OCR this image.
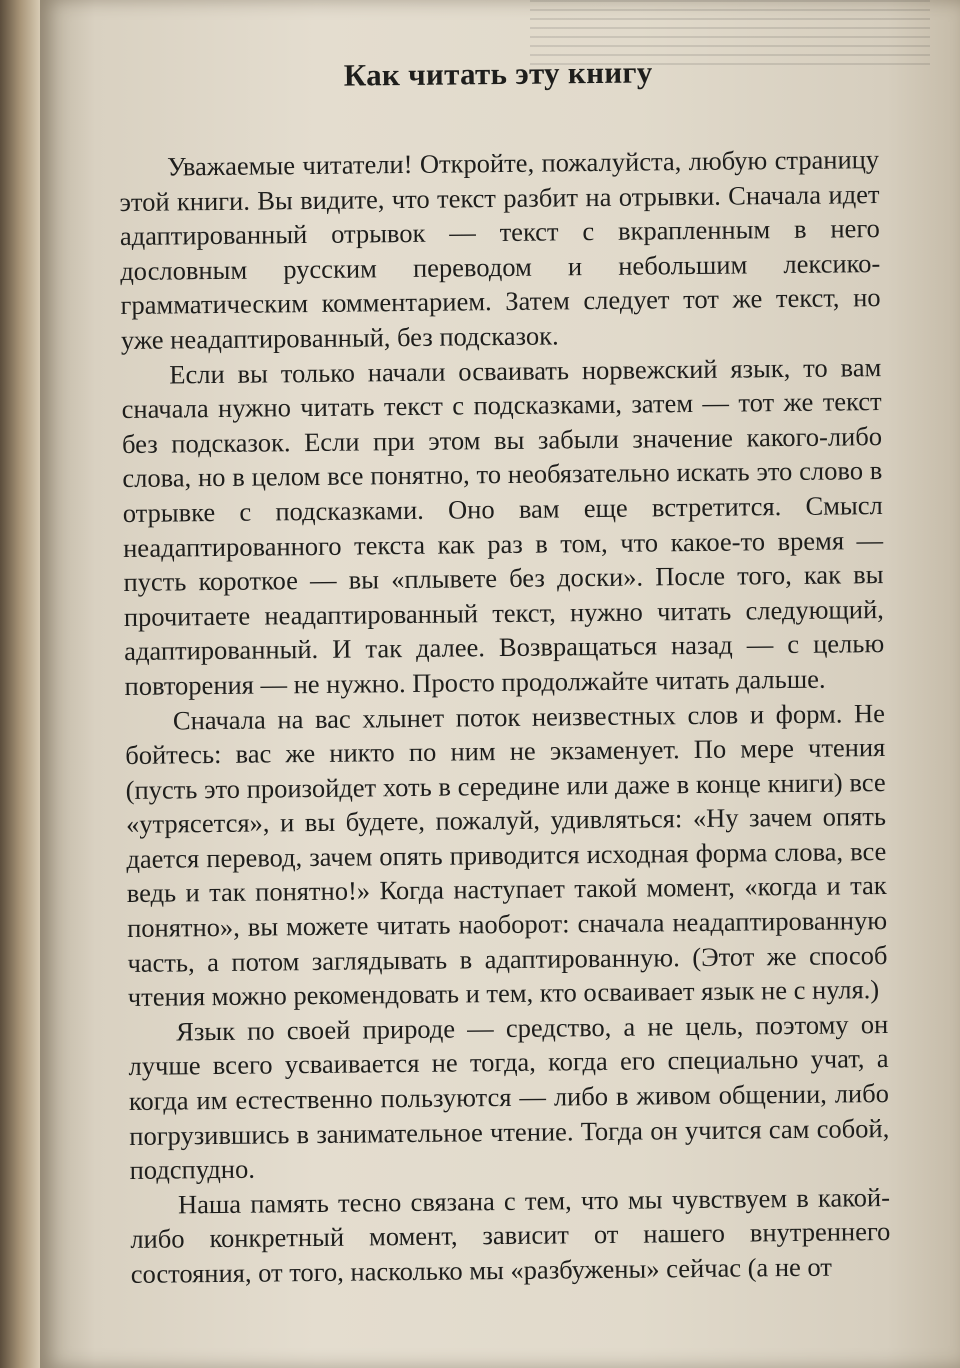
Как читать эту книгу

Уважаемые читатели! Откройте, пожалуйста, любую страницу этой книги. Вы видите, что текст разбит на отрывки. Сначала идет адаптированный отрывок — текст с вкрапленным в него дословным русским переводом и небольшим лексико-грамматическим комментарием. Затем следует тот же текст, но уже неадаптированный, без подсказок.

Если вы только начали осваивать норвежский язык, то вам сначала нужно читать текст с подсказками, затем — тот же текст без подсказок. Если при этом вы забыли значение какого-либо слова, но в целом все понятно, то необязательно искать это слово в отрывке с подсказками. Оно вам еще встретится. Смысл неадаптированного текста как раз в том, что какое-то время — пусть короткое — вы «плывете без доски». После того, как вы прочитаете неадаптированный текст, нужно читать следующий, адаптированный. И так далее. Возвращаться назад — с целью повторения — не нужно. Просто продолжайте читать дальше.

Сначала на вас хлынет поток неизвестных слов и форм. Не бойтесь: вас же никто по ним не экзаменует. По мере чтения (пусть это произойдет хоть в середине или даже в конце книги) все «утрясется», и вы будете, пожалуй, удивляться: «Ну зачем опять дается перевод, зачем опять приводится исходная форма слова, все ведь и так понятно!» Когда наступает такой момент, «когда и так понятно», вы можете читать наоборот: сначала неадаптированную часть, а потом заглядывать в адаптированную. (Этот же способ чтения можно рекомендовать и тем, кто осваивает язык не с нуля.)

Язык по своей природе — средство, а не цель, поэтому он лучше всего усваивается не тогда, когда его специально учат, а когда им естественно пользуются — либо в живом общении, либо погрузившись в занимательное чтение. Тогда он учится сам собой, подспудно.

Наша память тесно связана с тем, что мы чувствуем в какой-либо конкретный момент, зависит от нашего внутреннего состояния, от того, насколько мы «разбужены» сейчас (а не от
